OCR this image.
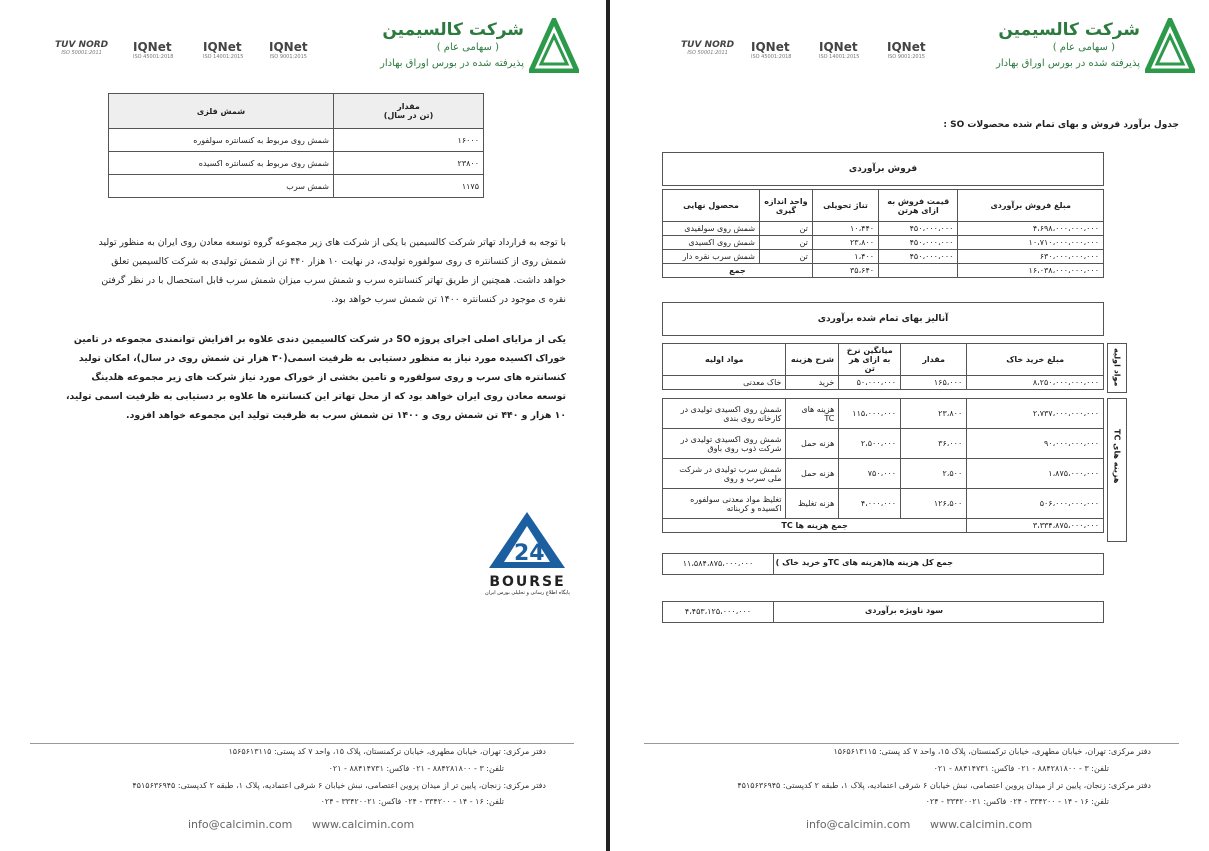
TUV NORD
ISO 50001:2011	IQNet
ISO 45001:2018
IQNet
ISO 14001:2015
IQNet
ISO 9001:2015
شرکت کالسیمین
( سهامی عام )
پذیرفته شده در بورس اوراق بهادار
شمش فلزی	مقدار
(تن در سال)
شمش روی مربوط به کنسانتره سولفوره	۱۶۰۰۰
شمش روی مربوط به کنسانتره اکسیده	۲۳۸۰۰
شمش سرب	۱۱۷۵
با توجه به قرارداد تهاتر شرکت کالسیمین با یکی از شرکت های زیر مجموعه گروه توسعه معادن روی ایران به منظور تولید
شمش روی از کنسانتره ی روی سولفوره تولیدی، در نهایت ۱۰ هزار ۴۴۰ تن از شمش تولیدی به شرکت کالسیمین تعلق
خواهد داشت. همچنین از طریق تهاتر کنسانتره سرب و شمش سرب میزان شمش سرب قابل استحصال با در نظر گرفتن
نقره ی موجود در کنسانتره ۱۴۰۰ تن شمش سرب خواهد بود.
یکی از مزایای اصلی اجرای پروژه SO در شرکت کالسیمین دندی علاوه بر افزایش توانمندی مجموعه در تامین
خوراک اکسیده مورد نیاز به منظور دستیابی به ظرفیت اسمی(۳۰ هزار تن شمش روی در سال)، امکان تولید
کنسانتره های سرب و روی سولفوره و تامین بخشی از خوراک مورد نیاز شرکت های زیر مجموعه هلدینگ
توسعه معادن روی ایران خواهد بود که از محل تهاتر این کنسانتره ها علاوه بر دستیابی به ظرفیت اسمی تولید،
۱۰ هزار و ۴۴۰ تن شمش روی و ۱۴۰۰ تن شمش سرب به ظرفیت تولید این مجموعه خواهد افزود.
24
BOURSE
پایگاه اطلاع رسانی و تحلیلی بورس ایران
دفتر مرکزی: تهران، خیابان مطهری، خیابان ترکمنستان، پلاک ۱۵، واحد ۷ کد پستی: ۱۵۶۵۶۱۳۱۱۵
تلفن: ۳ - ۸۸۴۲۸۱۸۰۰ - ۰۲۱ فاکس: ۸۸۴۱۴۷۳۱ - ۰۲۱
دفتر مرکزی: زنجان، پایین تر از میدان پروین اعتصامی، نبش خیابان ۶ شرقی اعتمادیه، پلاک ۱، طبقه ۲ کدپستی: ۴۵۱۵۶۳۶۹۴۵
تلفن: ۱۶ - ۱۴ - ۳۳۴۲۰۰ - ۰۲۴ فاکس: ۳۳۴۲۰۰۲۱ - ۰۲۴
info@calcimin.com www.calcimin.com
TUV NORD
ISO 50001:2011	IQNet
ISO 45001:2018
IQNet
ISO 14001:2015
IQNet
ISO 9001:2015
شرکت کالسیمین
( سهامی عام )
پذیرفته شده در بورس اوراق بهادار
جدول برآورد فروش و بهای تمام شده محصولات SO :
فروش برآوردی
محصول نهایی	واحد اندازه گیری	تناژ تحویلی	قیمت فروش به ازای هرتن	مبلغ فروش برآوردی
شمش روی سولفیدی	تن	۱۰،۴۴۰	۴۵۰،۰۰۰،۰۰۰	۴،۶۹۸،۰۰۰،۰۰۰،۰۰۰
شمش روی اکسیدی	تن	۲۳،۸۰۰	۴۵۰،۰۰۰،۰۰۰	۱۰،۷۱۰،۰۰۰،۰۰۰،۰۰۰
شمش سرب نقره دار	تن	۱،۴۰۰	۴۵۰،۰۰۰،۰۰۰	۶۳۰،۰۰۰،۰۰۰،۰۰۰
جمع		۳۵،۶۴۰		۱۶،۰۳۸،۰۰۰،۰۰۰،۰۰۰
آنالیز بهای تمام شده برآوردی
مواد اولیه	شرح هزینه	میانگین نرخ به ازای هر تن	مقدار	مبلغ خرید خاک
خاک معدنی	خرید	۵۰،۰۰۰،۰۰۰	۱۶۵،۰۰۰	۸،۲۵۰،۰۰۰،۰۰۰،۰۰۰ مواد اولیه
شمش روی اکسیدی تولیدی در کارخانه روی بندی	هزینه های TC	۱۱۵،۰۰۰،۰۰۰	۲۳،۸۰۰	۲،۷۳۷،۰۰۰،۰۰۰،۰۰۰
شمش روی اکسیدی تولیدی در شرکت ذوب روی باوق	هزنه حمل	۲،۵۰۰،۰۰۰	۳۶،۰۰۰	۹۰،۰۰۰،۰۰۰،۰۰۰
شمش سرب تولیدی در شرکت ملی سرب و روی	هزنه حمل	۷۵۰،۰۰۰	۲،۵۰۰	۱،۸۷۵،۰۰۰،۰۰۰
تغلیظ مواد معدنی سولفوره اکسیده و کربناته	هزنه تغلیظ	۴،۰۰۰،۰۰۰	۱۲۶،۵۰۰	۵۰۶،۰۰۰،۰۰۰،۰۰۰
جمع هزینه ها TC				۳،۳۳۴،۸۷۵،۰۰۰،۰۰۰
هزینه های TC
جمع کل هزینه ها(هزینه های TCو خرید خاک )
۱۱،۵۸۴،۸۷۵،۰۰۰،۰۰۰
سود ناویژه برآوردی
۴،۴۵۳،۱۲۵،۰۰۰،۰۰۰
دفتر مرکزی: تهران، خیابان مطهری، خیابان ترکمنستان، پلاک ۱۵، واحد ۷ کد پستی: ۱۵۶۵۶۱۳۱۱۵
تلفن: ۳ - ۸۸۴۲۸۱۸۰۰ - ۰۲۱ فاکس: ۸۸۴۱۴۷۳۱ - ۰۲۱
دفتر مرکزی: زنجان، پایین تر از میدان پروین اعتصامی، نبش خیابان ۶ شرقی اعتمادیه، پلاک ۱، طبقه ۲ کدپستی: ۴۵۱۵۶۳۶۹۴۵
تلفن: ۱۶ - ۱۴ - ۳۳۴۲۰۰ - ۰۲۴ فاکس: ۳۳۴۲۰۰۲۱ - ۰۲۴
info@calcimin.com www.calcimin.com
